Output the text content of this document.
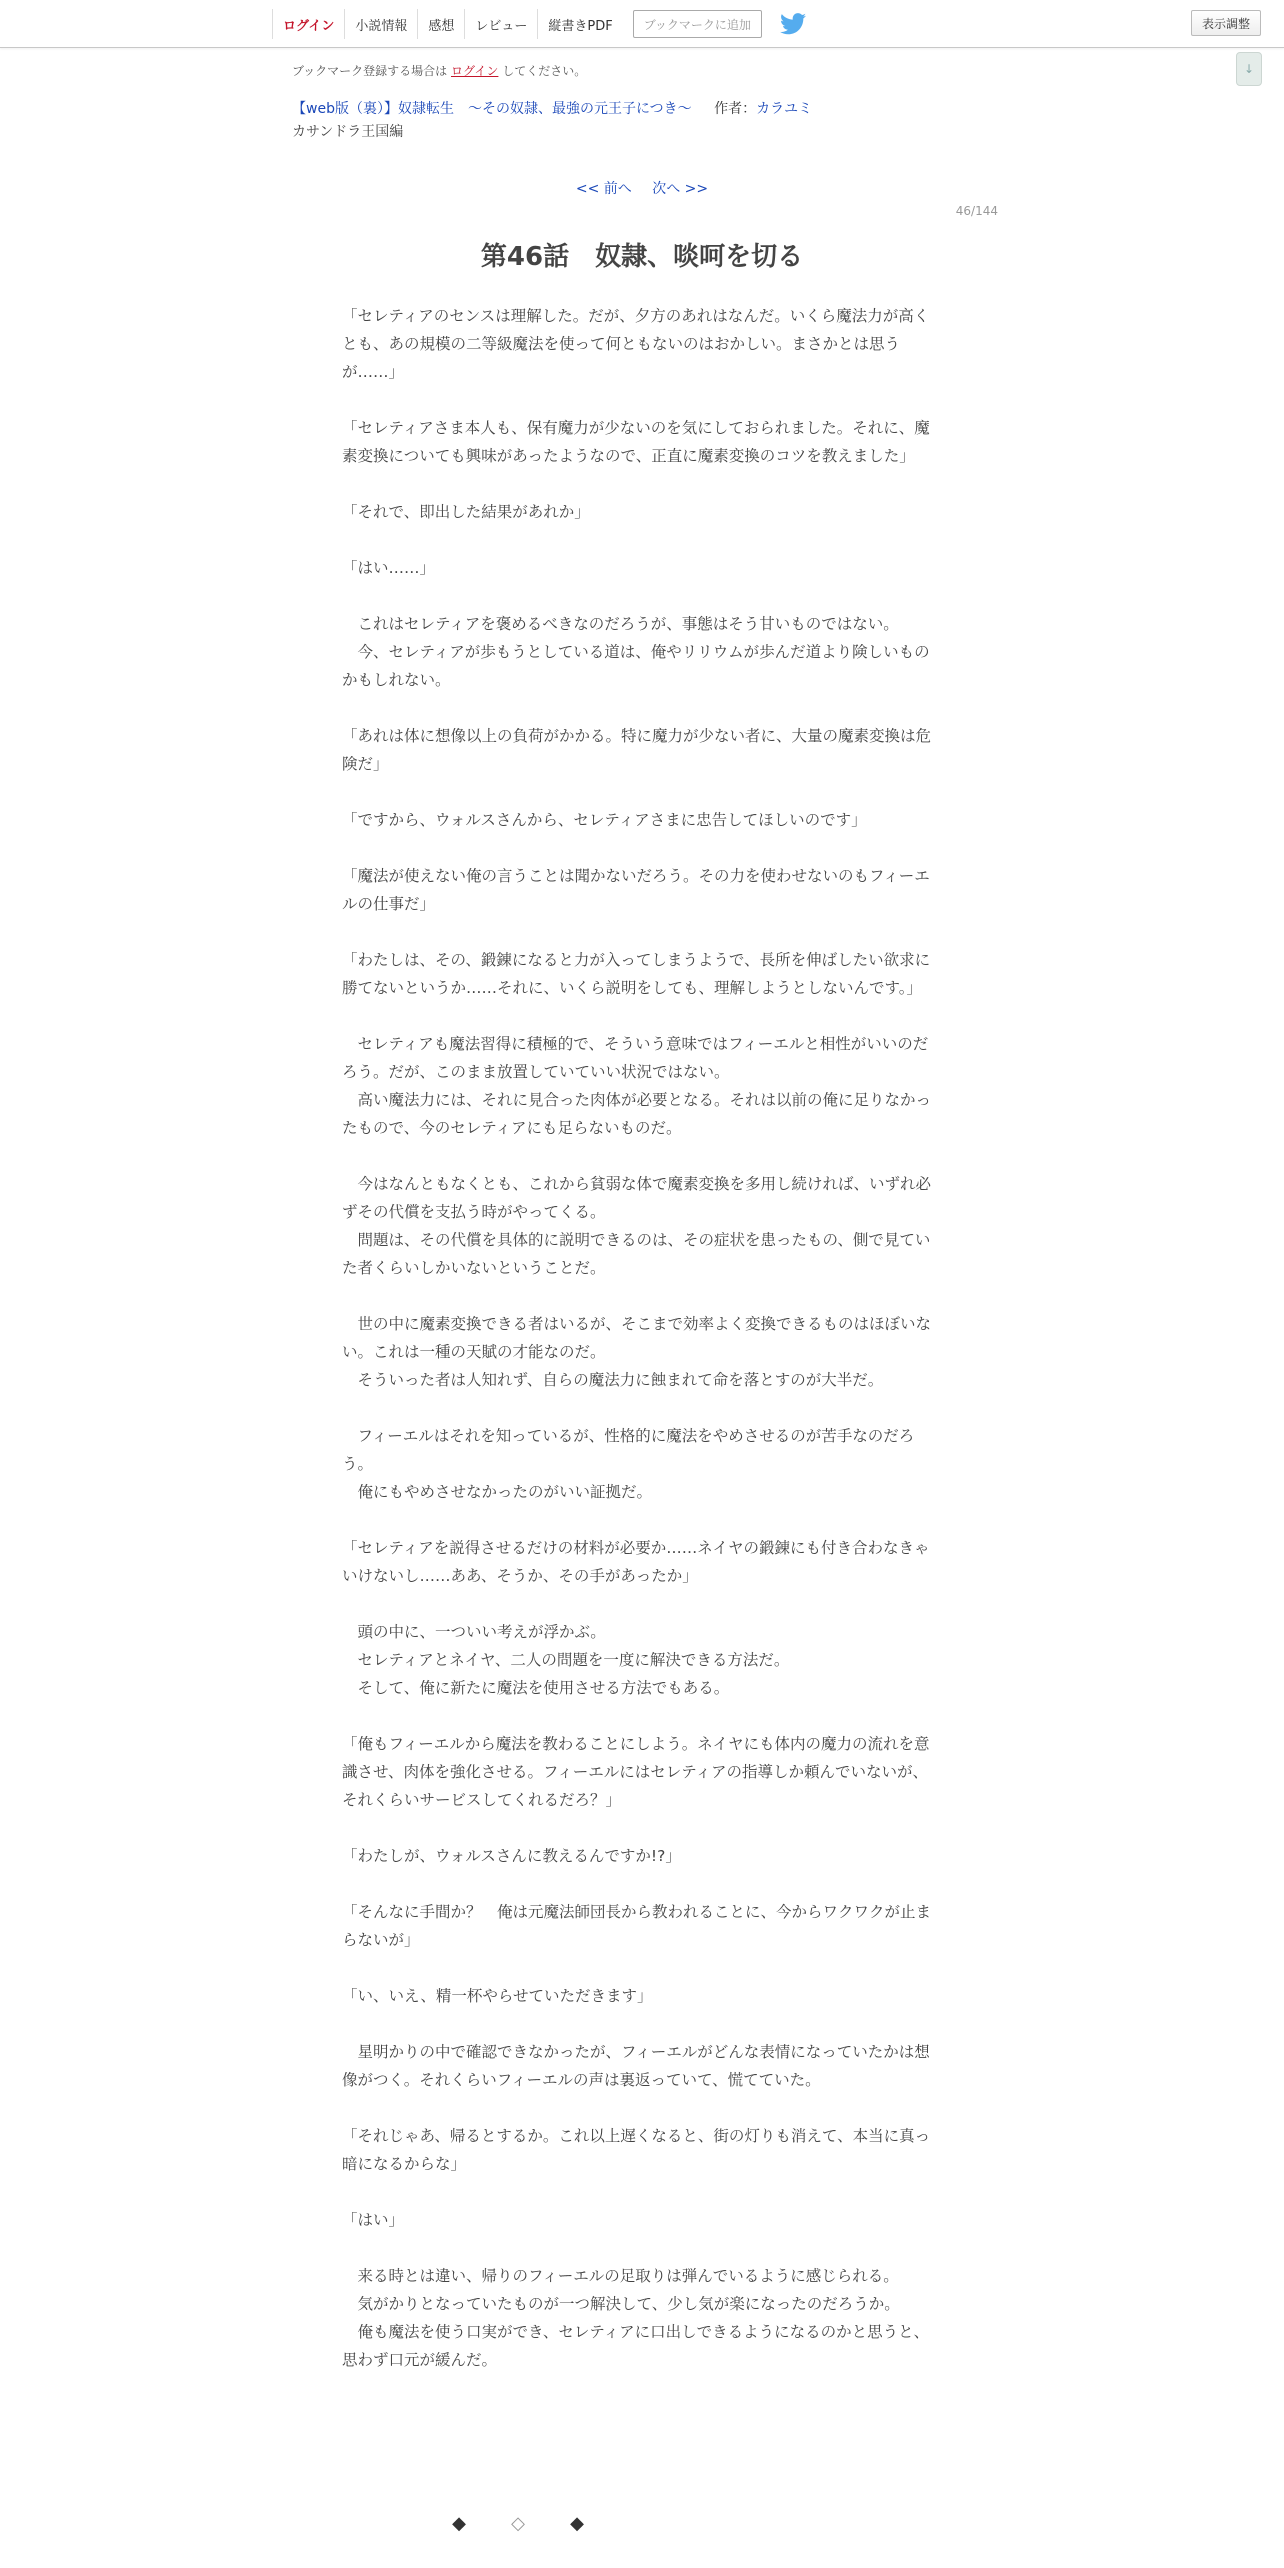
ログイン	小説情報	感想	レビュー	縦書きPDF	ブックマークに追加	表示調整
↓
ブックマーク登録する場合は ログイン してください。
【web版（裏）】奴隷転生　～その奴隷、最強の元王子につき～ 作者：カラユミ
カサンドラ王国編
<< 前へ 次へ >>
46/144
第46話　奴隷、啖呵を切る

「セレティアのセンスは理解した。だが、夕方のあれはなんだ。いくら魔法力が高くとも、あの規模の二等級魔法を使って何ともないのはおかしい。まさかとは思うが……」

「セレティアさま本人も、保有魔力が少ないのを気にしておられました。それに、魔素変換についても興味があったようなので、正直に魔素変換のコツを教えました」

「それで、即出した結果があれか」

「はい……」

　これはセレティアを褒めるべきなのだろうが、事態はそう甘いものではない。
　今、セレティアが歩もうとしている道は、俺やリリウムが歩んだ道より険しいものかもしれない。

「あれは体に想像以上の負荷がかかる。特に魔力が少ない者に、大量の魔素変換は危険だ」

「ですから、ウォルスさんから、セレティアさまに忠告してほしいのです」

「魔法が使えない俺の言うことは聞かないだろう。その力を使わせないのもフィーエルの仕事だ」

「わたしは、その、鍛錬になると力が入ってしまうようで、長所を伸ばしたい欲求に勝てないというか……それに、いくら説明をしても、理解しようとしないんです。」

　セレティアも魔法習得に積極的で、そういう意味ではフィーエルと相性がいいのだろう。だが、このまま放置していていい状況ではない。
　高い魔法力には、それに見合った肉体が必要となる。それは以前の俺に足りなかったもので、今のセレティアにも足らないものだ。

　今はなんともなくとも、これから貧弱な体で魔素変換を多用し続ければ、いずれ必ずその代償を支払う時がやってくる。
　問題は、その代償を具体的に説明できるのは、その症状を患ったもの、側で見ていた者くらいしかいないということだ。

　世の中に魔素変換できる者はいるが、そこまで効率よく変換できるものはほぼいない。これは一種の天賦の才能なのだ。
　そういった者は人知れず、自らの魔法力に蝕まれて命を落とすのが大半だ。

　フィーエルはそれを知っているが、性格的に魔法をやめさせるのが苦手なのだろう。
　俺にもやめさせなかったのがいい証拠だ。

「セレティアを説得させるだけの材料が必要か……ネイヤの鍛錬にも付き合わなきゃいけないし……ああ、そうか、その手があったか」

　頭の中に、一ついい考えが浮かぶ。
　セレティアとネイヤ、二人の問題を一度に解決できる方法だ。
　そして、俺に新たに魔法を使用させる方法でもある。

「俺もフィーエルから魔法を教わることにしよう。ネイヤにも体内の魔力の流れを意識させ、肉体を強化させる。フィーエルにはセレティアの指導しか頼んでいないが、それくらいサービスしてくれるだろ？」

「わたしが、ウォルスさんに教えるんですか!?」

「そんなに手間か？　俺は元魔法師団長から教われることに、今からワクワクが止まらないが」

「い、いえ、精一杯やらせていただきます」

　星明かりの中で確認できなかったが、フィーエルがどんな表情になっていたかは想像がつく。それくらいフィーエルの声は裏返っていて、慌てていた。

「それじゃあ、帰るとするか。これ以上遅くなると、街の灯りも消えて、本当に真っ暗になるからな」

「はい」

　来る時とは違い、帰りのフィーエルの足取りは弾んでいるように感じられる。
　気がかりとなっていたものが一つ解決して、少し気が楽になったのだろうか。
　俺も魔法を使う口実ができ、セレティアに口出しできるようになるのかと思うと、思わず口元が緩んだ。

◆	◇	◆
